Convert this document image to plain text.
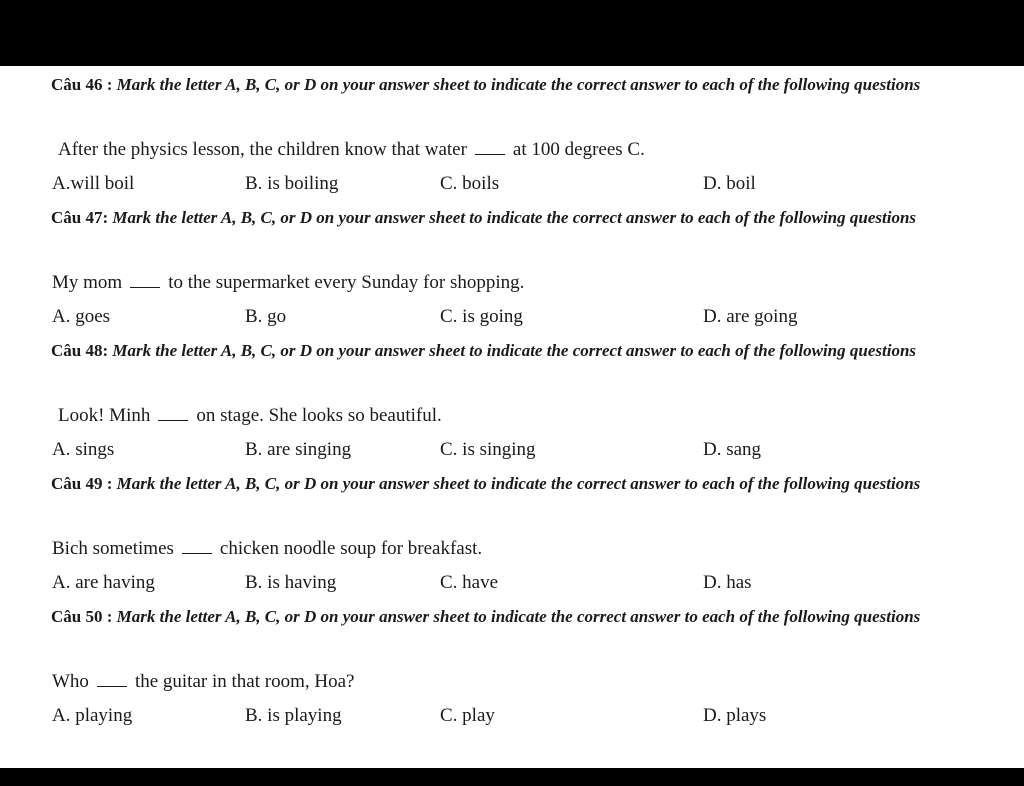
Câu 46 : Mark the letter A, B, C, or D on your answer sheet to indicate the correct answer to each of the following questions
After the physics lesson, the children know that water at 100 degrees C.
A.will boil	B. is boiling	C. boils	D. boil
Câu 47: Mark the letter A, B, C, or D on your answer sheet to indicate the correct answer to each of the following questions
My mom to the supermarket every Sunday for shopping.
A. goes	B. go	C. is going	D. are going
Câu 48: Mark the letter A, B, C, or D on your answer sheet to indicate the correct answer to each of the following questions
Look! Minh on stage. She looks so beautiful.
A. sings	B. are singing	C. is singing	D. sang
Câu 49 : Mark the letter A, B, C, or D on your answer sheet to indicate the correct answer to each of the following questions
Bich sometimes chicken noodle soup for breakfast.
A. are having	B. is having	C. have	D. has
Câu 50 : Mark the letter A, B, C, or D on your answer sheet to indicate the correct answer to each of the following questions
Who the guitar in that room, Hoa?
A. playing	B. is playing	C. play	D. plays
